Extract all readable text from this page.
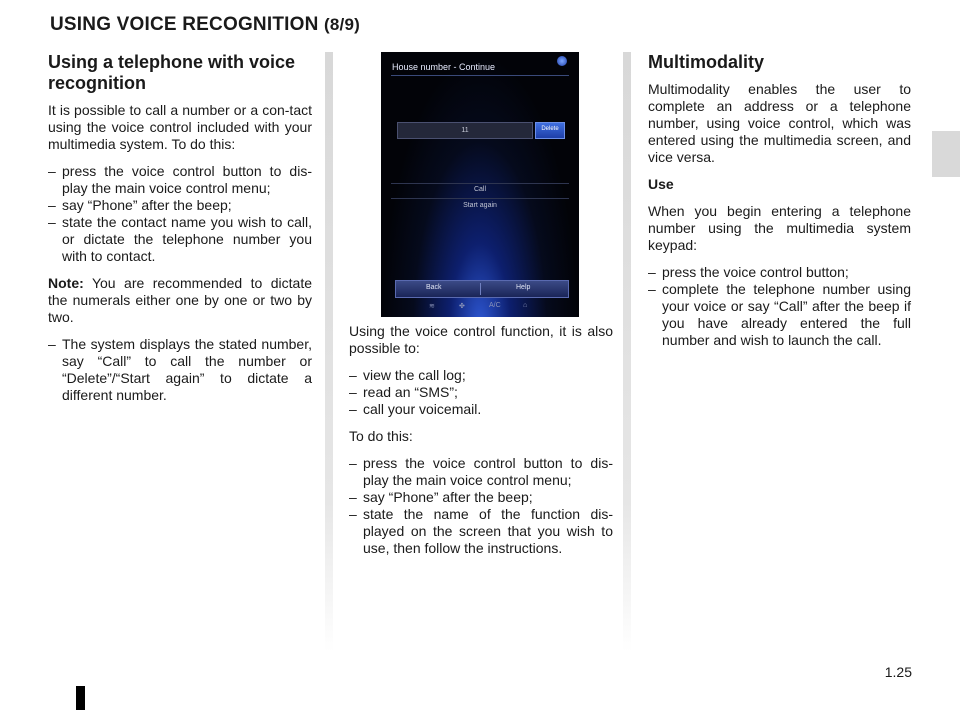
USING VOICE RECOGNITION (8/9)
Using a telephone with voice recognition

It is possible to call a number or a con-tact using the voice control included with your multimedia system. To do this:

– press the voice control button to dis-play the main voice control menu;
– say “Phone” after the beep;
– state the contact name you wish to call, or dictate the telephone number you with to contact.

Note: You are recommended to dictate the numerals either one by one or two by two.

– The system displays the stated number, say “Call” to call the number or “Delete”/“Start again” to dictate a different number.
House number - Continue
11	Delete
Call
Start again
Back	Help
≋	✤	A/C	⌂

Using the voice control function, it is also possible to:

– view the call log;
– read an “SMS”;
– call your voicemail.

To do this:

– press the voice control button to dis-play the main voice control menu;
– say “Phone” after the beep;
– state the name of the function dis-played on the screen that you wish to use, then follow the instructions.
Multimodality

Multimodality enables the user to complete an address or a telephone number, using voice control, which was entered using the multimedia screen, and vice versa.

Use

When you begin entering a telephone number using the multimedia system keypad:

– press the voice control button;
– complete the telephone number using your voice or say “Call” after the beep if you have already entered the full number and wish to launch the call.
1.25
